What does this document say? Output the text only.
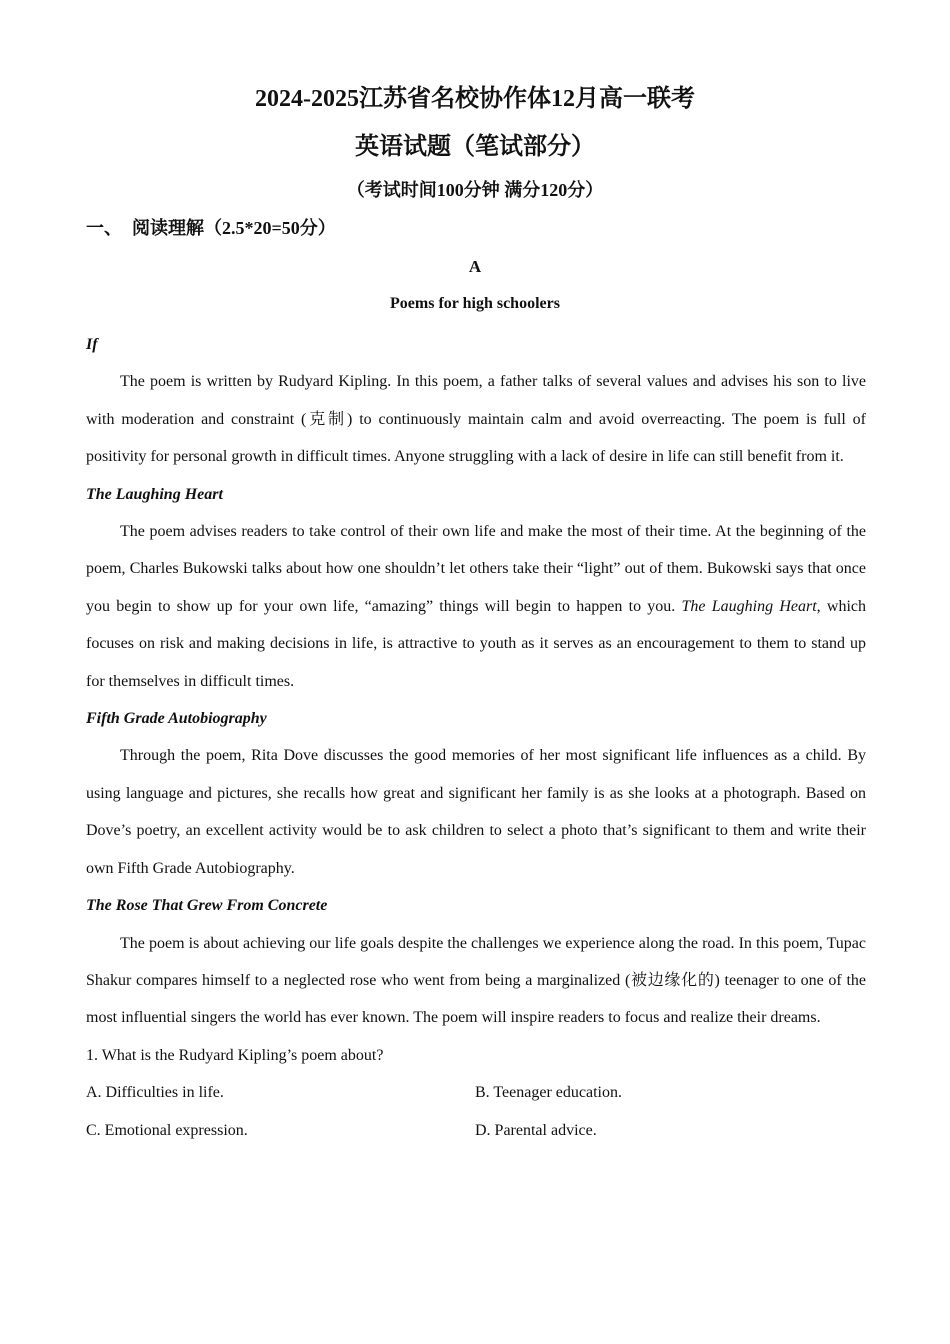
2024-2025江苏省名校协作体12月高一联考
英语试题（笔试部分）
（考试时间100分钟 满分120分）
一、 阅读理解（2.5*20=50分）
A
Poems for high schoolers

If

The poem is written by Rudyard Kipling. In this poem, a father talks of several values and advises his son to live with moderation and constraint (克制) to continuously maintain calm and avoid overreacting. The poem is full of positivity for personal growth in difficult times. Anyone struggling with a lack of desire in life can still benefit from it.

The Laughing Heart

The poem advises readers to take control of their own life and make the most of their time. At the beginning of the poem, Charles Bukowski talks about how one shouldn’t let others take their “light” out of them. Bukowski says that once you begin to show up for your own life, “amazing” things will begin to happen to you. The Laughing Heart, which focuses on risk and making decisions in life, is attractive to youth as it serves as an encouragement to them to stand up for themselves in difficult times.

Fifth Grade Autobiography

Through the poem, Rita Dove discusses the good memories of her most significant life influences as a child. By using language and pictures, she recalls how great and significant her family is as she looks at a photograph. Based on Dove’s poetry, an excellent activity would be to ask children to select a photo that’s significant to them and write their own Fifth Grade Autobiography.

The Rose That Grew From Concrete

The poem is about achieving our life goals despite the challenges we experience along the road. In this poem, Tupac Shakur compares himself to a neglected rose who went from being a marginalized (被边缘化的) teenager to one of the most influential singers the world has ever known. The poem will inspire readers to focus and realize their dreams.

1. What is the Rudyard Kipling’s poem about?

A. Difficulties in life.	B. Teenager education.

C. Emotional expression.	D. Parental advice.
